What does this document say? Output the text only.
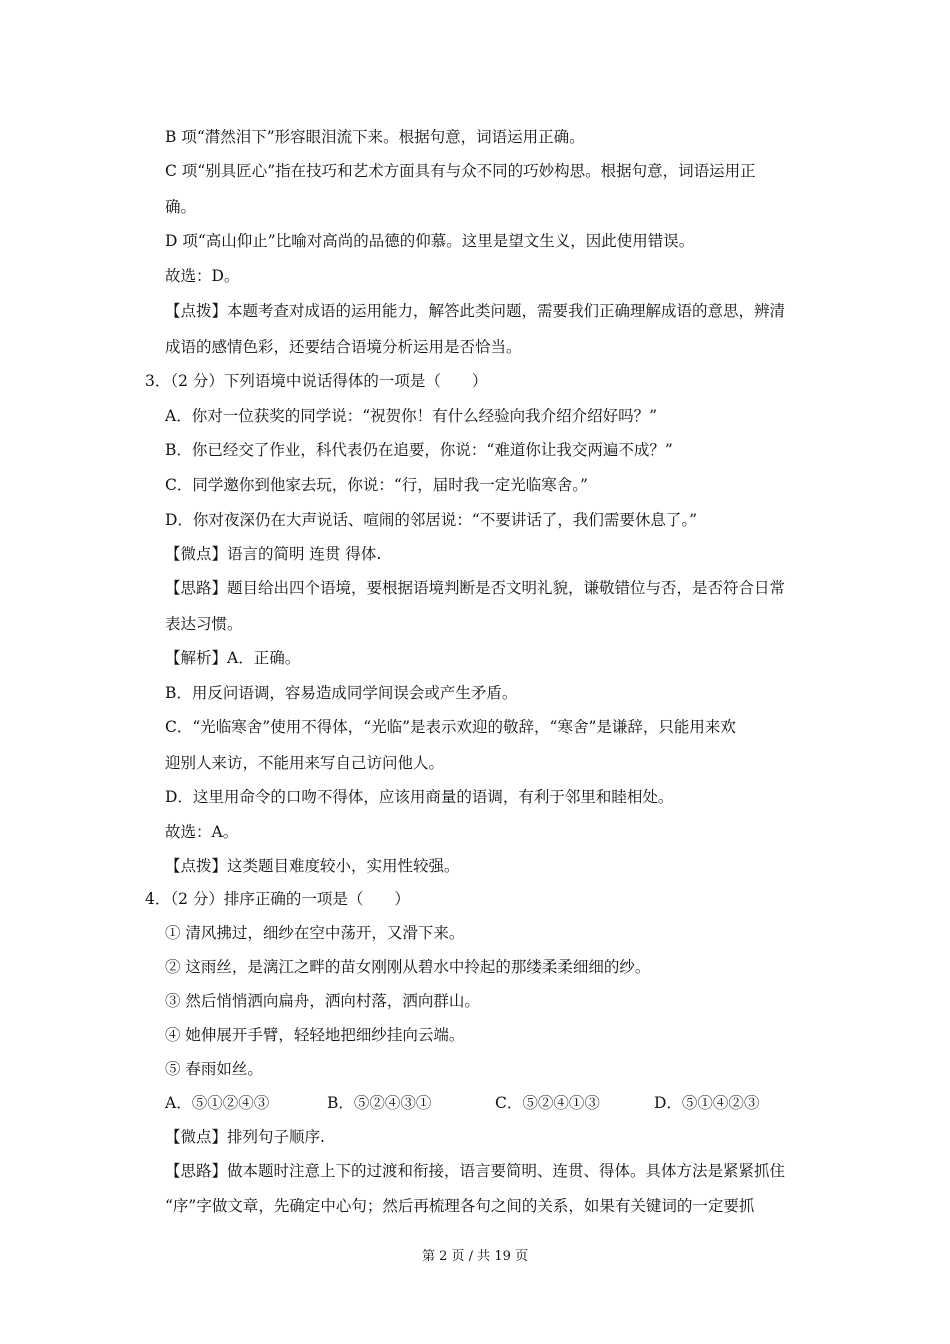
B 项“潸然泪下”形容眼泪流下来。根据句意，词语运用正确。
C 项“别具匠心”指在技巧和艺术方面具有与众不同的巧妙构思。根据句意，词语运用正
确。
D 项“高山仰止”比喻对高尚的品德的仰慕。这里是望文生义，因此使用错误。
故选：D。
【点拨】本题考查对成语的运用能力，解答此类问题，需要我们正确理解成语的意思，辨清
成语的感情色彩，还要结合语境分析运用是否恰当。
3．（2 分）下列语境中说话得体的一项是（　　）
A．你对一位获奖的同学说：“祝贺你！有什么经验向我介绍介绍好吗？”
B．你已经交了作业，科代表仍在追要，你说：“难道你让我交两遍不成？”
C．同学邀你到他家去玩，你说：“行，届时我一定光临寒舍。”
D．你对夜深仍在大声说话、喧闹的邻居说：“不要讲话了，我们需要休息了。”
【微点】语言的简明 连贯 得体.
【思路】题目给出四个语境，要根据语境判断是否文明礼貌，谦敬错位与否，是否符合日常
表达习惯。
【解析】A．正确。
B．用反问语调，容易造成同学间误会或产生矛盾。
C．“光临寒舍”使用不得体，“光临”是表示欢迎的敬辞，“寒舍”是谦辞，只能用来欢
迎别人来访，不能用来写自己访问他人。
D．这里用命令的口吻不得体，应该用商量的语调，有利于邻里和睦相处。
故选：A。
【点拨】这类题目难度较小，实用性较强。
4．（2 分）排序正确的一项是（　　）
① 清风拂过，细纱在空中荡开，又滑下来。
② 这雨丝，是漓江之畔的苗女刚刚从碧水中拎起的那缕柔柔细细的纱。
③ 然后悄悄洒向扁舟，洒向村落，洒向群山。
④ 她伸展开手臂，轻轻地把细纱挂向云端。
⑤ 春雨如丝。
A．⑤①②④③	B．⑤②④③①	C．⑤②④①③	D．⑤①④②③
【微点】排列句子顺序.
【思路】做本题时注意上下的过渡和衔接，语言要简明、连贯、得体。具体方法是紧紧抓住
“序”字做文章，先确定中心句；然后再梳理各句之间的关系，如果有关键词的一定要抓
第 2 页 / 共 19 页
